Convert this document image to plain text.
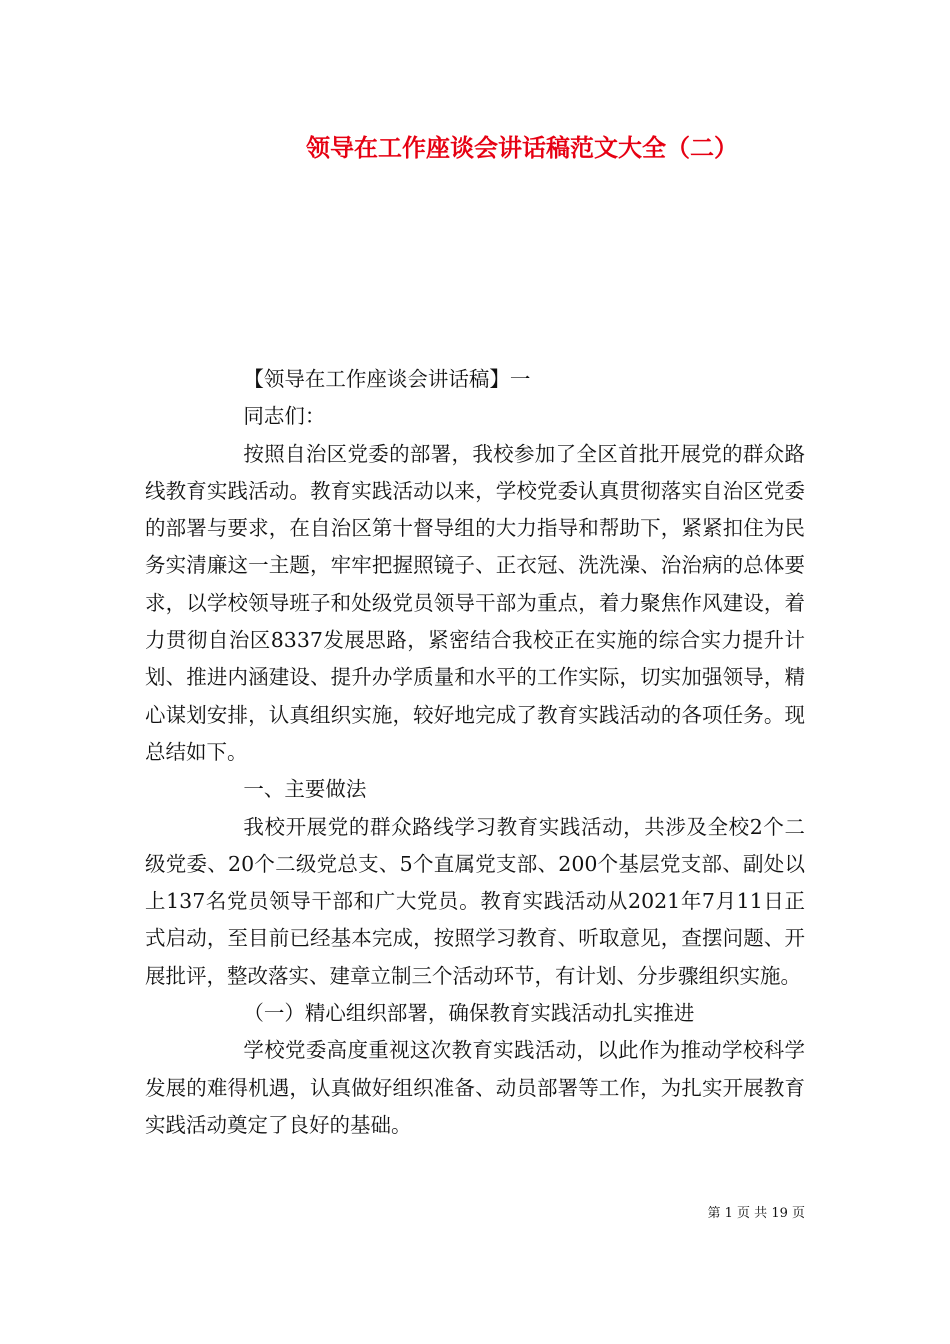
领导在工作座谈会讲话稿范文大全（二）

【领导在工作座谈会讲话稿】一

同志们：

按照自治区党委的部署，我校参加了全区首批开展党的群众路线教育实践活动。教育实践活动以来，学校党委认真贯彻落实自治区党委的部署与要求，在自治区第十督导组的大力指导和帮助下，紧紧扣住为民务实清廉这一主题，牢牢把握照镜子、正衣冠、洗洗澡、治治病的总体要求，以学校领导班子和处级党员领导干部为重点，着力聚焦作风建设，着力贯彻自治区8337发展思路，紧密结合我校正在实施的综合实力提升计划、推进内涵建设、提升办学质量和水平的工作实际，切实加强领导，精心谋划安排，认真组织实施，较好地完成了教育实践活动的各项任务。现总结如下。

一、主要做法

我校开展党的群众路线学习教育实践活动，共涉及全校2个二级党委、20个二级党总支、5个直属党支部、200个基层党支部、副处以上137名党员领导干部和广大党员。教育实践活动从2021年7月11日正式启动，至目前已经基本完成，按照学习教育、听取意见，查摆问题、开展批评，整改落实、建章立制三个活动环节，有计划、分步骤组织实施。

（一）精心组织部署，确保教育实践活动扎实推进

学校党委高度重视这次教育实践活动，以此作为推动学校科学发展的难得机遇，认真做好组织准备、动员部署等工作，为扎实开展教育实践活动奠定了良好的基础。

第 1 页 共 19 页
